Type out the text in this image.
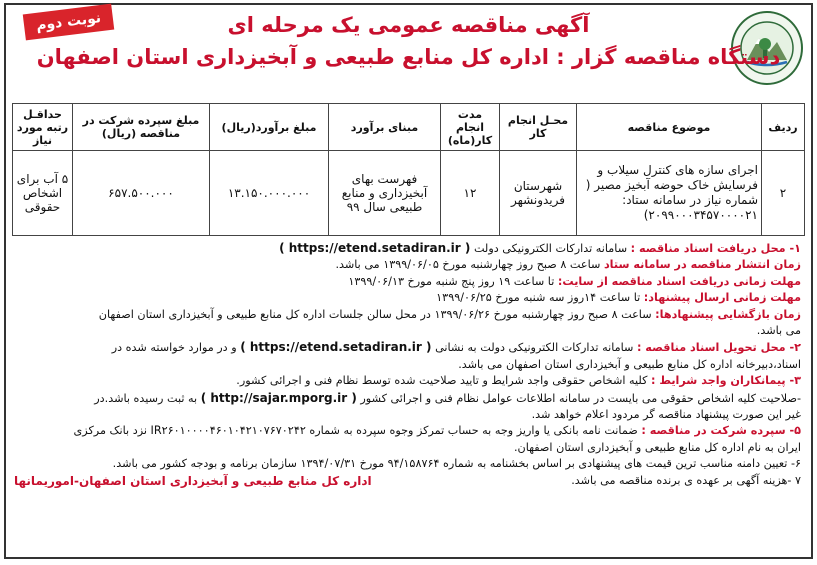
نوبت دوم	آگهی مناقصه عمومی یک مرحله ای
دستگاه مناقصه گزار : اداره کل منابع طبیعی و آبخیزداری استان اصفهان
ردیف	موضوع مناقصه	محـل انجام کار	مدت انجام کار(ماه)	مبنای برآورد	مبلغ برآورد(ریال)	مبلغ سپرده شرکت در مناقصه (ریال)	حداقـل رتبه مورد نیاز
۲	اجرای سازه های کنترل سیلاب و فرسایش خاک حوضه آبخیز مصیر ( شماره نیاز در سامانه ستاد: ۲۰۹۹۰۰۰۳۴۵۷۰۰۰۰۲۱)	شهرستان فریدونشهر	۱۲	فهرست بهای آبخیزداری و منابع طبیعی سال ۹۹	۱۳.۱۵۰.۰۰۰.۰۰۰	۶۵۷.۵۰۰.۰۰۰	۵ آب برای اشخاص حقوقی
۱- محل دریافت اسناد مناقصه : سامانه تدارکات الکترونیکی دولت ( https://etend.setadiran.ir )
زمان انتشار مناقصه در سامانه ستاد ساعت ۸ صبح روز چهارشنبه مورخ ۱۳۹۹/۰۶/۰۵ می باشد.
مهلت زمانی دریافت اسناد مناقصه از سایت: تا ساعت ۱۹ روز پنج شنبه مورخ ۱۳۹۹/۰۶/۱۳
مهلت زمانی ارسال پیشنهاد: تا ساعت ۱۴روز سه شنبه مورخ ۱۳۹۹/۰۶/۲۵
زمان بازگشایی پیشنهادها: ساعت ۸ صبح روز چهارشنبه مورخ ۱۳۹۹/۰۶/۲۶ در محل سالن جلسات اداره کل منابع طبیعی و آبخیزداری استان اصفهان
می باشد.
۲- محل تحویل اسناد مناقصه : سامانه تدارکات الکترونیکی دولت به نشانی ( https://etend.setadiran.ir ) و در موارد خواسته شده در
اسناد،دبیرخانه اداره کل منابع طبیعی و آبخیزداری استان اصفهان می باشد.
۳- پیمانکاران واجد شرایط : کلیه اشخاص حقوقی واجد شرایط و تایید صلاحیت شده توسط نظام فنی و اجرائی کشور.
-صلاحیت کلیه اشخاص حقوقی می بایست در سامانه اطلاعات عوامل نظام فنی و اجرائی کشور ( http://sajar.mporg.ir ) به ثبت رسیده باشد.در
غیر این صورت پیشنهاد مناقصه گر مردود اعلام خواهد شد.
۵- سپرده شرکت در مناقصه : ضمانت نامه بانکی یا واریز وجه به حساب تمرکز وجوه سپرده به شماره IR۲۶۰۱۰۰۰۰۴۶۰۱۰۴۲۱۰۷۶۷۰۲۴۲ نزد بانک مرکزی
ایران به نام اداره کل منابع طبیعی و آبخیزداری استان اصفهان.
۶- تعیین دامنه مناسب ترین قیمت های پیشنهادی بر اساس بخشنامه به شماره ۹۴/۱۵۸۷۶۴ مورخ ۱۳۹۴/۰۷/۳۱ سازمان برنامه و بودجه کشور می باشد.
۷ -هزینه آگهی بر عهده ی برنده مناقصه می باشد.
اداره کل منابع طبیعی و آبخیزداری استان اصفهان-اموریمانها
